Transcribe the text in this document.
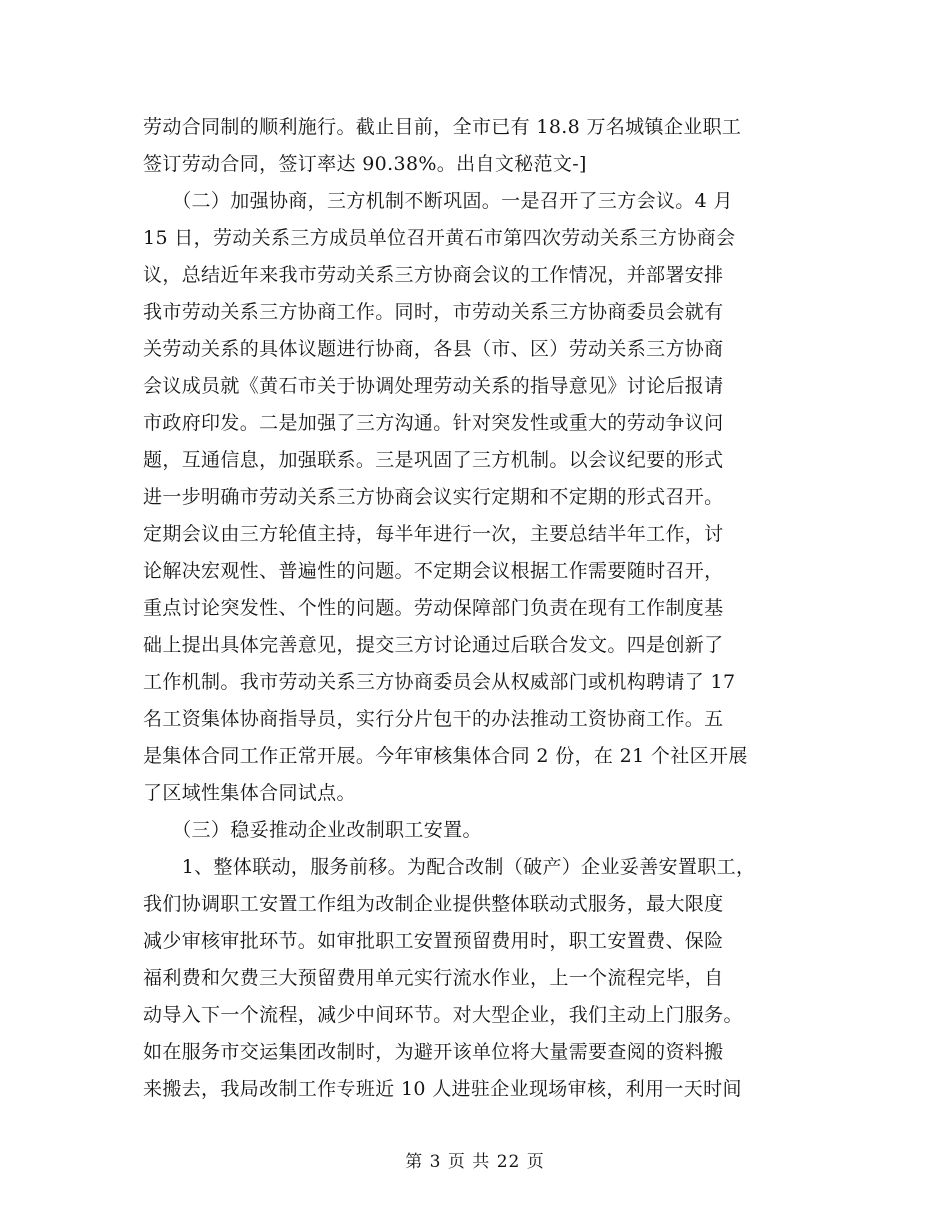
劳动合同制的顺利施行。截止目前，全市已有 18.8 万名城镇企业职工
签订劳动合同，签订率达 90.38%。出自文秘范文-]
　　（二）加强协商，三方机制不断巩固。一是召开了三方会议。4 月
15 日，劳动关系三方成员单位召开黄石市第四次劳动关系三方协商会
议，总结近年来我市劳动关系三方协商会议的工作情况，并部署安排
我市劳动关系三方协商工作。同时，市劳动关系三方协商委员会就有
关劳动关系的具体议题进行协商，各县（市、区）劳动关系三方协商
会议成员就《黄石市关于协调处理劳动关系的指导意见》讨论后报请
市政府印发。二是加强了三方沟通。针对突发性或重大的劳动争议问
题，互通信息，加强联系。三是巩固了三方机制。以会议纪要的形式
进一步明确市劳动关系三方协商会议实行定期和不定期的形式召开。
定期会议由三方轮值主持，每半年进行一次，主要总结半年工作，讨
论解决宏观性、普遍性的问题。不定期会议根据工作需要随时召开，
重点讨论突发性、个性的问题。劳动保障部门负责在现有工作制度基
础上提出具体完善意见，提交三方讨论通过后联合发文。四是创新了
工作机制。我市劳动关系三方协商委员会从权威部门或机构聘请了 17
名工资集体协商指导员，实行分片包干的办法推动工资协商工作。五
是集体合同工作正常开展。今年审核集体合同 2 份，在 21 个社区开展
了区域性集体合同试点。
　　（三）稳妥推动企业改制职工安置。
　　1、整体联动，服务前移。为配合改制（破产）企业妥善安置职工，
我们协调职工安置工作组为改制企业提供整体联动式服务，最大限度
减少审核审批环节。如审批职工安置预留费用时，职工安置费、保险
福利费和欠费三大预留费用单元实行流水作业，上一个流程完毕，自
动导入下一个流程，减少中间环节。对大型企业，我们主动上门服务。
如在服务市交运集团改制时，为避开该单位将大量需要查阅的资料搬
来搬去，我局改制工作专班近 10 人进驻企业现场审核，利用一天时间
第 3 页 共 22 页
